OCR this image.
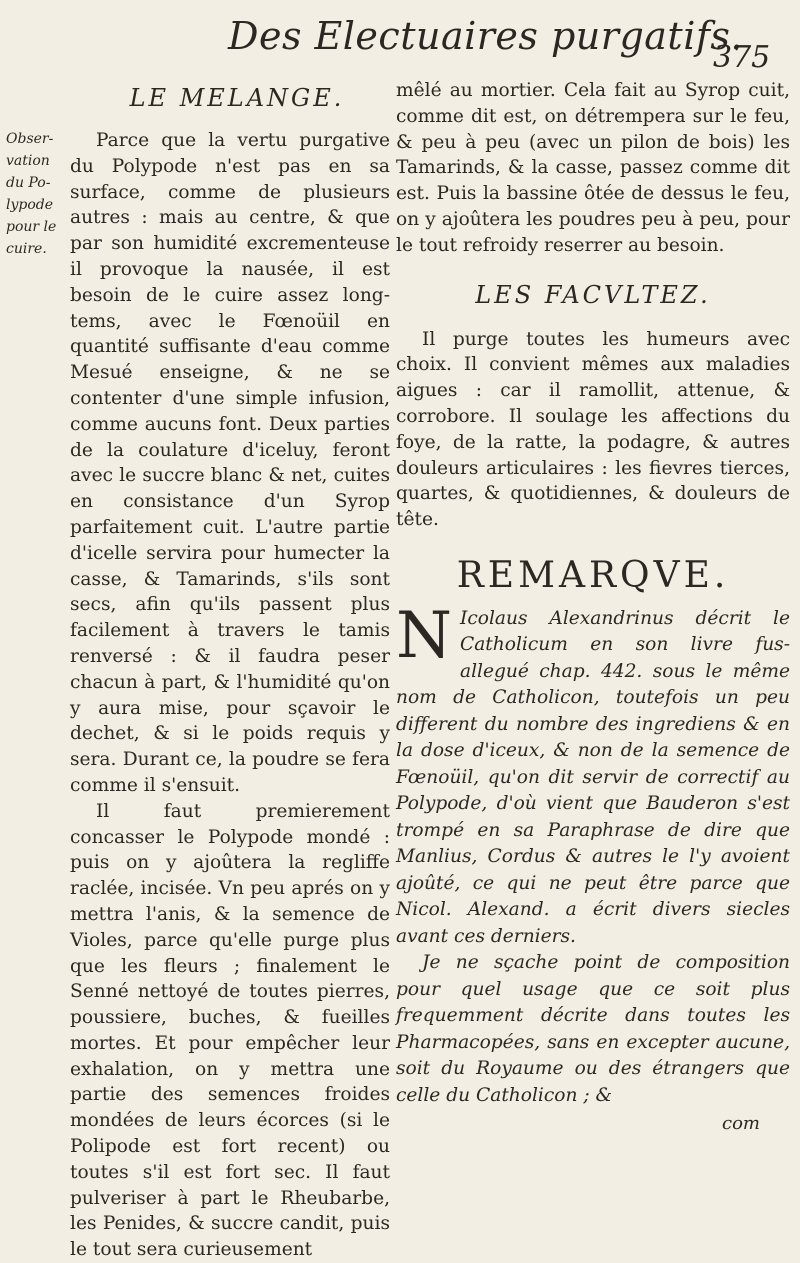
Des Electuaires purgatifs.
375
Obser-vation du Po-lypode pour le cuire.
LE MELANGE.

Parce que la vertu purgative du Polypode n'est pas en sa surface, comme de plusieurs autres : mais au centre, & que par son humidité excrementeuse il provoque la nausée, il est besoin de le cuire assez long-tems, avec le Fœnoüil en quantité suffisante d'eau comme Mesué enseigne, & ne se contenter d'une simple infusion, comme aucuns font. Deux parties de la coulature d'iceluy, feront avec le succre blanc & net, cuites en consistance d'un Syrop parfaitement cuit. L'autre partie d'icelle servira pour humecter la casse, & Tamarinds, s'ils sont secs, afin qu'ils passent plus facilement à travers le tamis renversé : & il faudra peser chacun à part, & l'humidité qu'on y aura mise, pour sçavoir le dechet, & si le poids requis y sera. Durant ce, la poudre se fera comme il s'ensuit.

Il faut premierement concasser le Polypode mondé : puis on y ajoûtera la regliffe raclée, incisée. Vn peu aprés on y mettra l'anis, & la semence de Violes, parce qu'elle purge plus que les fleurs ; finalement le Senné nettoyé de toutes pierres, poussiere, buches, & fueilles mortes. Et pour empêcher leur exhalation, on y mettra une partie des semences froides mondées de leurs écorces (si le Polipode est fort recent) ou toutes s'il est fort sec. Il faut pulveriser à part le Rheubarbe, les Penides, & succre candit, puis le tout sera curieusement

mêlé au mortier. Cela fait au Syrop cuit, comme dit est, on détrempera sur le feu, & peu à peu (avec un pilon de bois) les Tamarinds, & la casse, passez comme dit est. Puis la bassine ôtée de dessus le feu, on y ajoûtera les poudres peu à peu, pour le tout refroidy reserrer au besoin.

LES FACVLTEZ.

Il purge toutes les humeurs avec choix. Il convient mêmes aux maladies aigues : car il ramollit, attenue, & corrobore. Il soulage les affections du foye, de la ratte, la podagre, & autres douleurs articulaires : les fievres tierces, quartes, & quotidiennes, & douleurs de tête.

REMARQVE.

N Icolaus Alexandrinus décrit le Catholicum en son livre fus-allegué chap. 442. sous le même nom de Catholicon, toutefois un peu different du nombre des ingrediens & en la dose d'iceux, & non de la semence de Fœnoüil, qu'on dit servir de correctif au Polypode, d'où vient que Bauderon s'est trompé en sa Paraphrase de dire que Manlius, Cordus & autres le l'y avoient ajoûté, ce qui ne peut être parce que Nicol. Alexand. a écrit divers siecles avant ces derniers.

Je ne sçache point de composition pour quel usage que ce soit plus frequemment décrite dans toutes les Pharmacopées, sans en excepter aucune, soit du Royaume ou des étrangers que celle du Catholicon ; &

com
